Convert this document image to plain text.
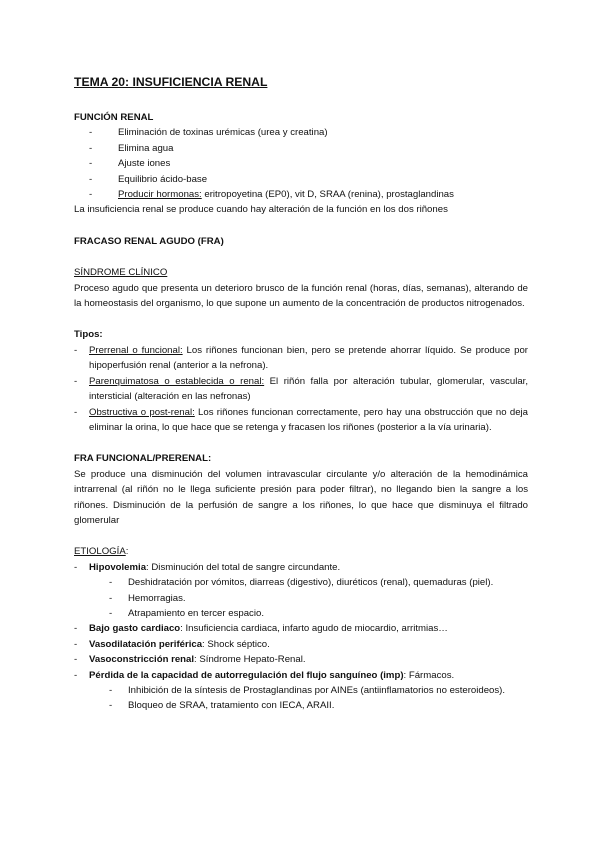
TEMA 20: INSUFICIENCIA RENAL

FUNCIÓN RENAL

-	Eliminación de toxinas urémicas (urea y creatina)
-	Elimina agua
-	Ajuste iones
-	Equilibrio ácido-base
-	Producir hormonas: eritropoyetina (EP0), vit D, SRAA (renina), prostaglandinas

La insuficiencia renal se produce cuando hay alteración de la función en los dos riñones

FRACASO RENAL AGUDO (FRA)

SÍNDROME CLÍNICO

Proceso agudo que presenta un deterioro brusco de la función renal (horas, días, semanas), alterando de la homeostasis del organismo, lo que supone un aumento de la concentración de productos nitrogenados.

Tipos:

- Prerrenal o funcional: Los riñones funcionan bien, pero se pretende ahorrar líquido. Se produce por hipoperfusión renal (anterior a la nefrona).
- Parenquimatosa o establecida o renal: El riñón falla por alteración tubular, glomerular, vascular, intersticial (alteración en las nefronas)
- Obstructiva o post-renal: Los riñones funcionan correctamente, pero hay una obstrucción que no deja eliminar la orina, lo que hace que se retenga y fracasen los riñones (posterior a la vía urinaria).

FRA FUNCIONAL/PRERENAL:

Se produce una disminución del volumen intravascular circulante y/o alteración de la hemodinámica intrarrenal (al riñón no le llega suficiente presión para poder filtrar), no llegando bien la sangre a los riñones. Disminución de la perfusión de sangre a los riñones, lo que hace que disminuya el filtrado glomerular

ETIOLOGÍA:

- Hipovolemia: Disminución del total de sangre circundante.
- Deshidratación por vómitos, diarreas (digestivo), diuréticos (renal), quemaduras (piel).
- Hemorragias.
- Atrapamiento en tercer espacio.
- Bajo gasto cardiaco: Insuficiencia cardiaca, infarto agudo de miocardio, arritmias…
- Vasodilatación periférica: Shock séptico.
- Vasoconstricción renal: Síndrome Hepato-Renal.
- Pérdida de la capacidad de autorregulación del flujo sanguíneo (imp): Fármacos.
- Inhibición de la síntesis de Prostaglandinas por AINEs (antiinflamatorios no esteroideos).
- Bloqueo de SRAA, tratamiento con IECA, ARAII.
